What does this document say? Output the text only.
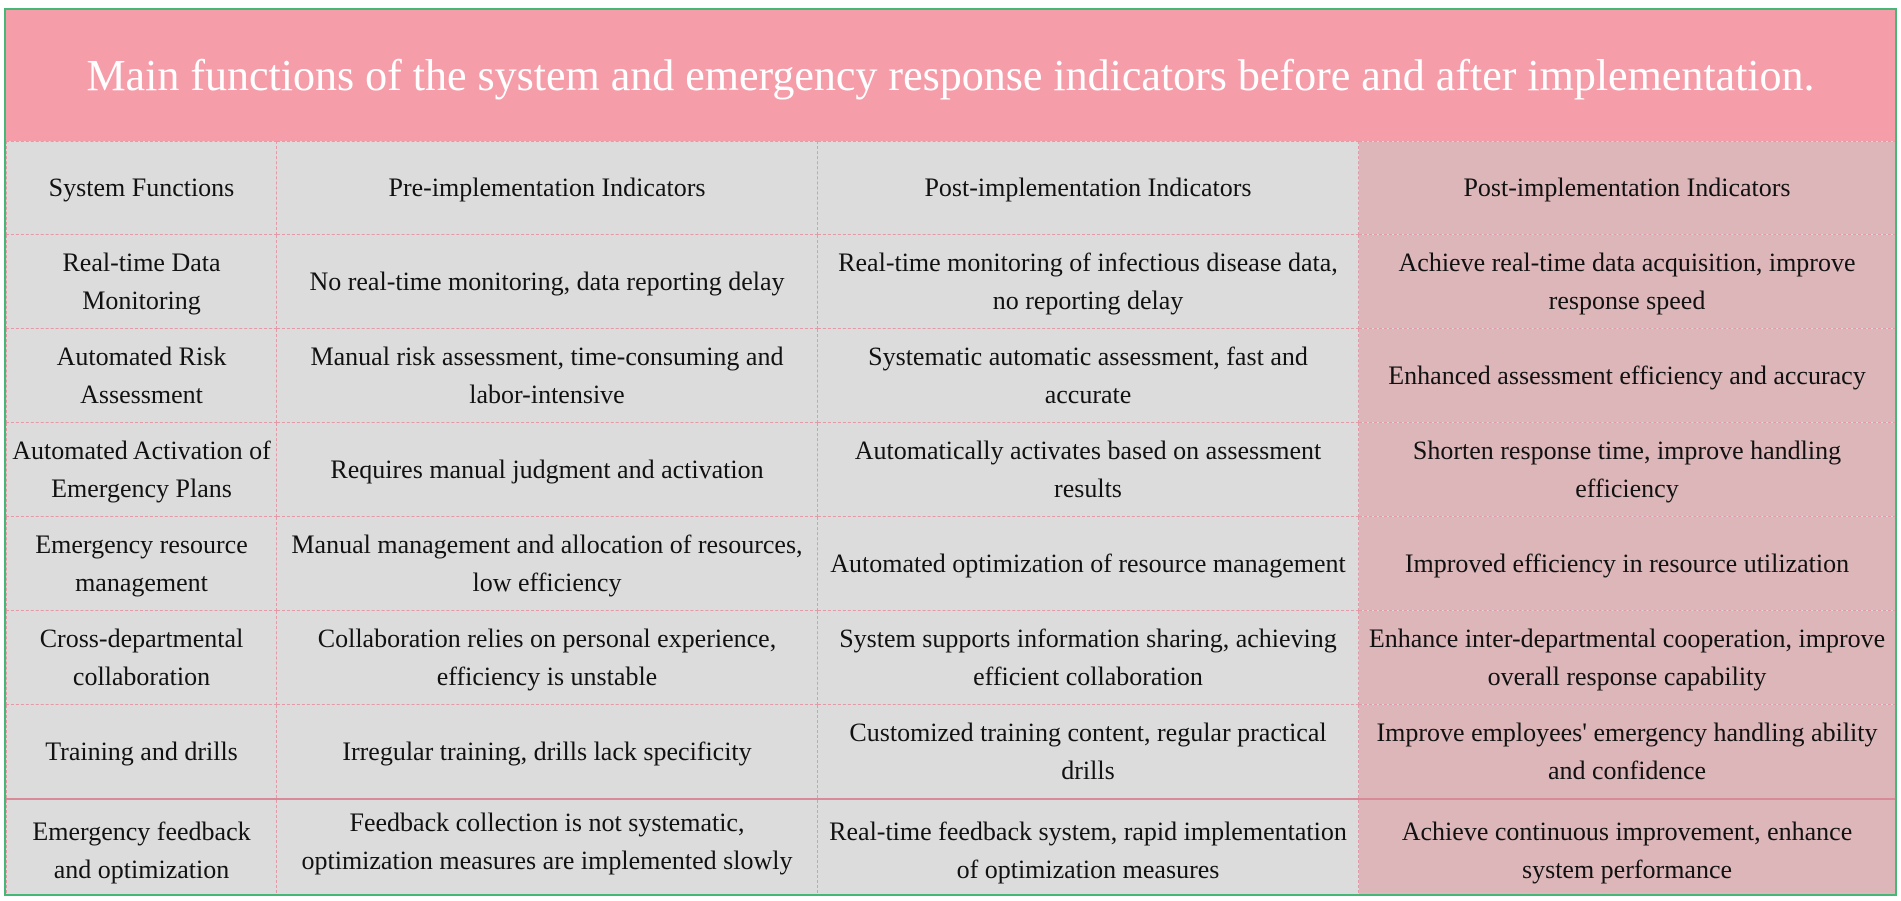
Main functions of the system and emergency response indicators before and after implementation.
System Functions	Pre-implementation Indicators	Post-implementation Indicators	Post-implementation Indicators
Real-time Data Monitoring	No real-time monitoring, data reporting delay	Real-time monitoring of infectious disease data, no reporting delay	Achieve real-time data acquisition, improve response speed
Automated Risk Assessment	Manual risk assessment, time-consuming and labor-intensive	Systematic automatic assessment, fast and accurate	Enhanced assessment efficiency and accuracy
Automated Activation of Emergency Plans	Requires manual judgment and activation	Automatically activates based on assessment results	Shorten response time, improve handling efficiency
Emergency resource management	Manual management and allocation of resources, low efficiency	Automated optimization of resource management	Improved efficiency in resource utilization
Cross-departmental collaboration	Collaboration relies on personal experience, efficiency is unstable	System supports information sharing, achieving efficient collaboration	Enhance inter-departmental cooperation, improve overall response capability
Training and drills	Irregular training, drills lack specificity	Customized training content, regular practical drills	Improve employees' emergency handling ability and confidence
Emergency feedback and optimization	Feedback collection is not systematic, optimization measures are implemented slowly	Real-time feedback system, rapid implementation of optimization measures	Achieve continuous improvement, enhance system performance
